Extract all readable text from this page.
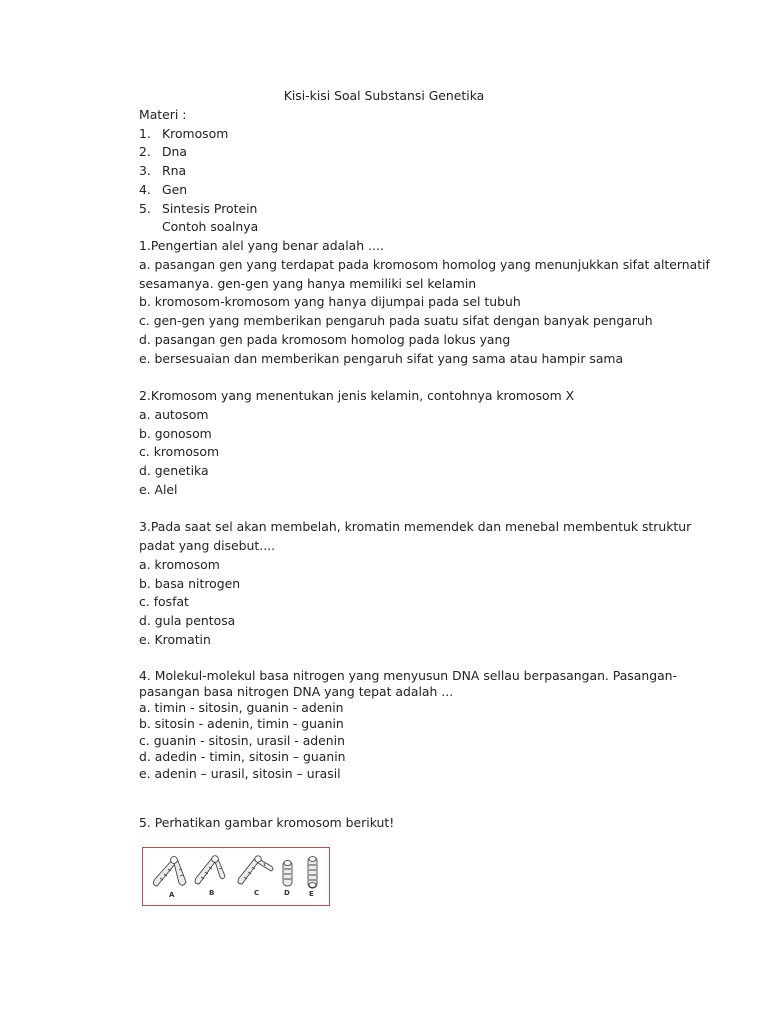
Kisi-kisi Soal Substansi Genetika
Materi :
1. Kromosom
2. Dna
3. Rna
4. Gen
5. Sintesis Protein
Contoh soalnya
1.Pengertian alel yang benar adalah ....
a. pasangan gen yang terdapat pada kromosom homolog yang menunjukkan sifat alternatif
sesamanya. gen-gen yang hanya memiliki sel kelamin
b. kromosom-kromosom yang hanya dijumpai pada sel tubuh
c. gen-gen yang memberikan pengaruh pada suatu sifat dengan banyak pengaruh
d. pasangan gen pada kromosom homolog pada lokus yang
e. bersesuaian dan memberikan pengaruh sifat yang sama atau hampir sama
2.Kromosom yang menentukan jenis kelamin, contohnya kromosom X
a. autosom
b. gonosom
c. kromosom
d. genetika
e. Alel
3.Pada saat sel akan membelah, kromatin memendek dan menebal membentuk struktur
padat yang disebut....
a. kromosom
b. basa nitrogen
c. fosfat
d. gula pentosa
e. Kromatin
4. Molekul-molekul basa nitrogen yang menyusun DNA sellau berpasangan. Pasangan-
pasangan basa nitrogen DNA yang tepat adalah ...
a. timin - sitosin, guanin - adenin
b. sitosin - adenin, timin - guanin
c. guanin - sitosin, urasil - adenin
d. adedin - timin, sitosin – guanin
e. adenin – urasil, sitosin – urasil
5. Perhatikan gambar kromosom berikut!
A	B	C	D	E
